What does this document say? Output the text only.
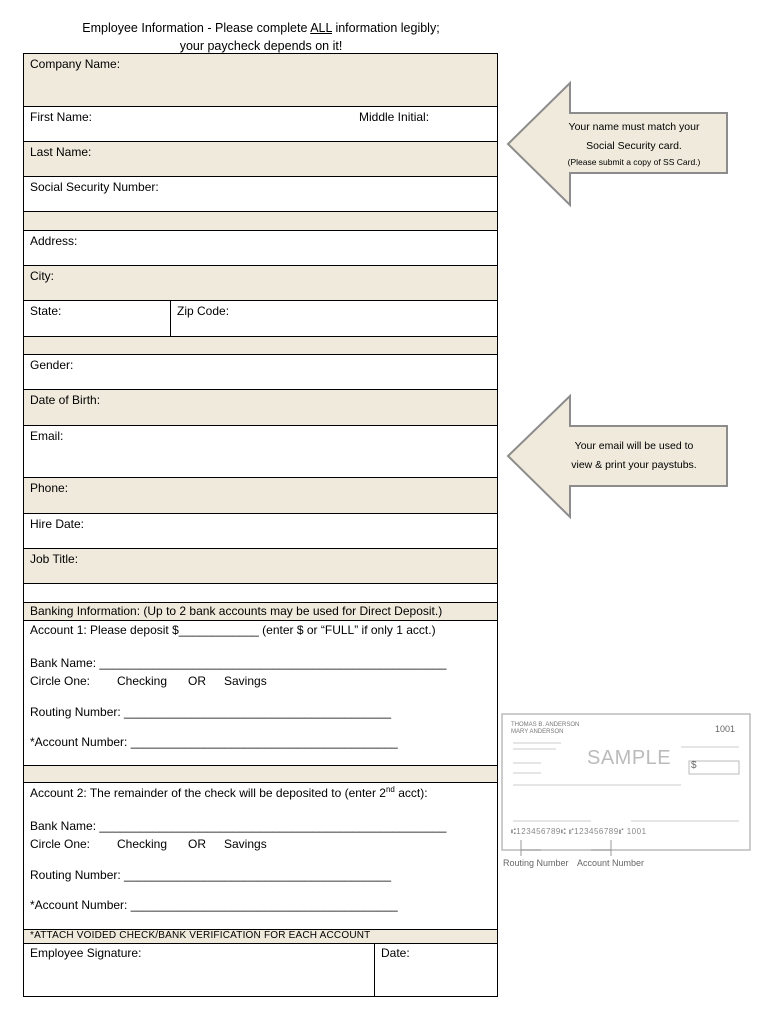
Employee Information - Please complete ALL information legibly;
your paycheck depends on it!
Company Name:
First Name:	Middle Initial:
Last Name:
Social Security Number:
Address:
City:
State:	Zip Code:
Gender:
Date of Birth:
Email:
Phone:
Hire Date:
Job Title:
Banking Information: (Up to 2 bank accounts may be used for Direct Deposit.)
Account 1: Please deposit $____________ (enter $ or “FULL” if only 1 acct.)
Bank Name: ____________________________________________________
Circle One: Checking OR Savings
Routing Number: ________________________________________
*Account Number: ________________________________________
Account 2: The remainder of the check will be deposited to (enter 2nd acct):
Bank Name: ____________________________________________________
Circle One: Checking OR Savings
Routing Number: ________________________________________
*Account Number: ________________________________________
*ATTACH VOIDED CHECK/BANK VERIFICATION FOR EACH ACCOUNT
Employee Signature:	Date:
Your name must match your
Social Security card.
(Please submit a copy of SS Card.)
Your email will be used to
view & print your paystubs.
THOMAS B. ANDERSON
MARY ANDERSON	1001
SAMPLE $
⑆123456789⑆ ⑈123456789⑈ 1001
Routing Number Account Number
